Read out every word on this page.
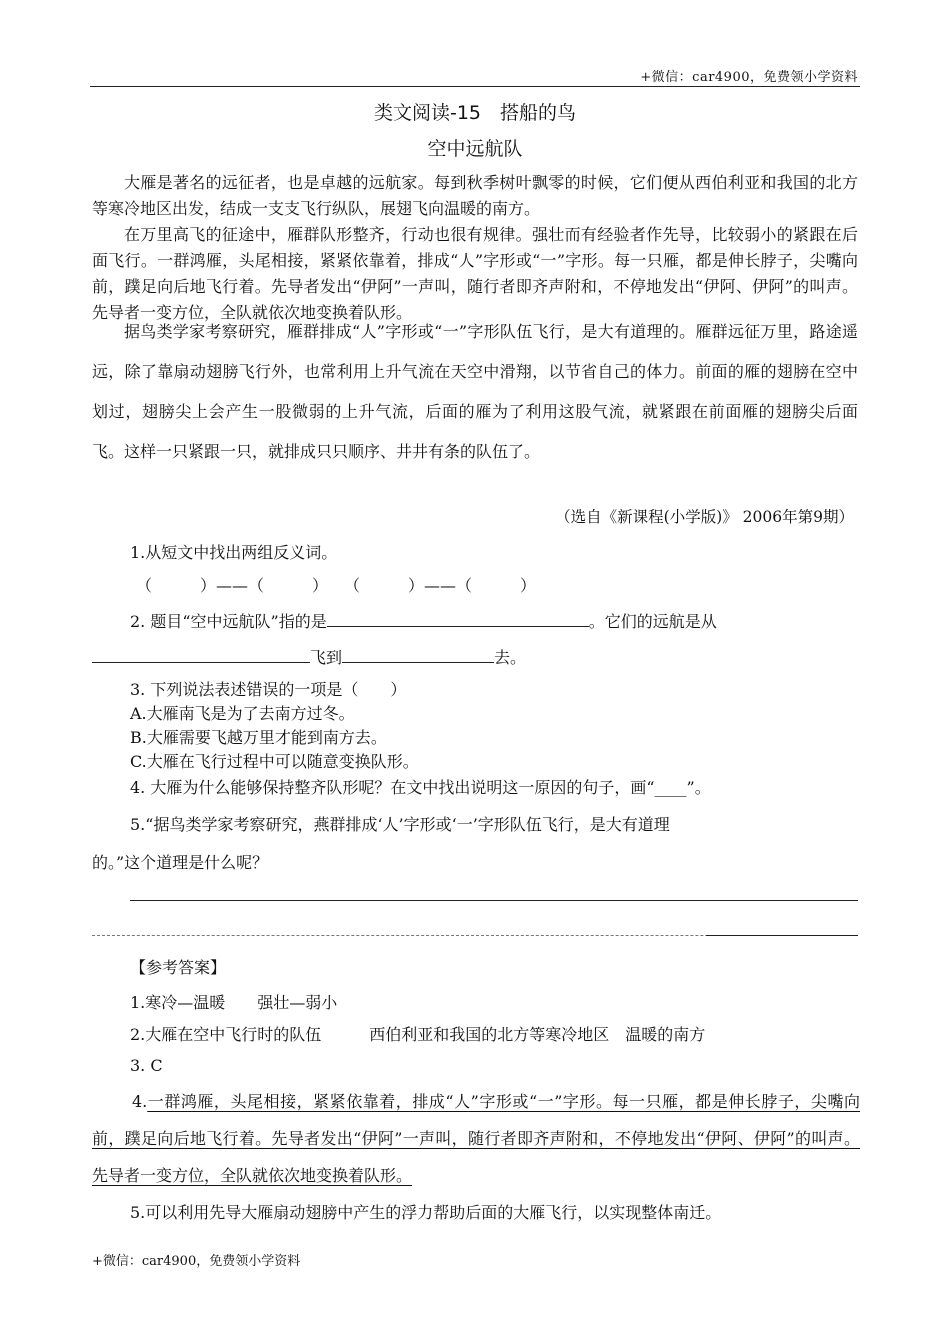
+微信：car4900，免费领小学资料
类文阅读-15　搭船的鸟
空中远航队

大雁是著名的远征者，也是卓越的远航家。每到秋季树叶飘零的时候，它们便从西伯利亚和我国的北方等寒冷地区出发，结成一支支飞行纵队，展翅飞向温暖的南方。

在万里高飞的征途中，雁群队形整齐，行动也很有规律。强壮而有经验者作先导，比较弱小的紧跟在后面飞行。一群鸿雁，头尾相接，紧紧依靠着，排成“人”字形或“一”字形。每一只雁，都是伸长脖子，尖嘴向前，蹼足向后地飞行着。先导者发出“伊阿”一声叫，随行者即齐声附和，不停地发出“伊阿、伊阿”的叫声。先导者一变方位，全队就依次地变换着队形。

据鸟类学家考察研究，雁群排成“人”字形或“一”字形队伍飞行，是大有道理的。雁群远征万里，路途遥远，除了靠扇动翅膀飞行外，也常利用上升气流在天空中滑翔，以节省自己的体力。前面的雁的翅膀在空中划过，翅膀尖上会产生一股微弱的上升气流，后面的雁为了利用这股气流，就紧跟在前面雁的翅膀尖后面飞。这样一只紧跟一只，就排成只只顺序、井井有条的队伍了。

（选自《新课程(小学版)》 2006年第9期）
1.从短文中找出两组反义词。
（　　　）——（　　　）　　（　　　）——（　　　）
2. 题目“空中远航队”指的是	。它们的远航是从
飞到	去。
3. 下列说法表述错误的一项是（　　）
A.大雁南飞是为了去南方过冬。
B.大雁需要飞越万里才能到南方去。
C.大雁在飞行过程中可以随意变换队形。
4. 大雁为什么能够保持整齐队形呢？在文中找出说明这一原因的句子，画“____”。
5.“据鸟类学家考察研究，燕群排成‘人’字形或‘一’字形队伍飞行，是大有道理
的。”这个道理是什么呢？
【参考答案】
1.寒冷—温暖　　强壮—弱小
2.大雁在空中飞行时的队伍　　　西伯利亚和我国的北方等寒冷地区　温暖的南方
3. C

4.一群鸿雁，头尾相接，紧紧依靠着，排成“人”字形或“一”字形。每一只雁，都是伸长脖子，尖嘴向前，蹼足向后地飞行着。先导者发出“伊阿”一声叫，随行者即齐声附和，不停地发出“伊阿、伊阿”的叫声。先导者一变方位，全队就依次地变换着队形。

5.可以利用先导大雁扇动翅膀中产生的浮力帮助后面的大雁飞行，以实现整体南迁。
+微信：car4900，免费领小学资料
